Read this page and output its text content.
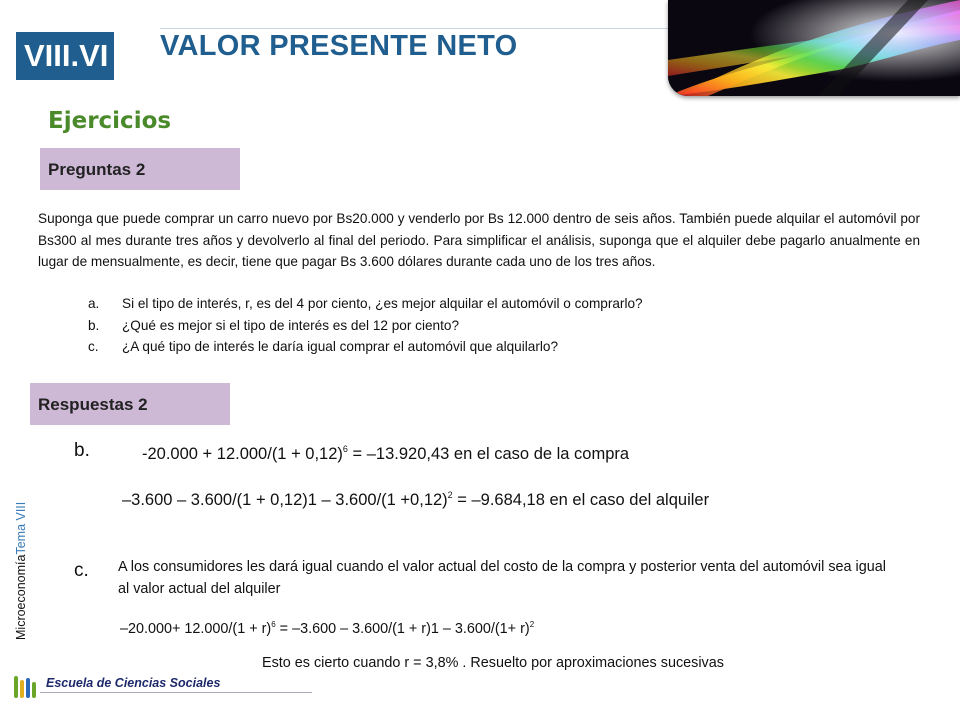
VIII.VI VALOR PRESENTE NETO
Ejercicios
Preguntas 2
Suponga que puede comprar un carro nuevo por Bs20.000 y venderlo por Bs 12.000 dentro de seis años. También puede alquilar el automóvil por Bs300 al mes durante tres años y devolverlo al final del periodo. Para simplificar el análisis, suponga que el alquiler debe pagarlo anualmente en lugar de mensualmente, es decir, tiene que pagar Bs 3.600 dólares durante cada uno de los tres años.
a.	Si el tipo de interés, r, es del 4 por ciento, ¿es mejor alquilar el automóvil o comprarlo?
b.	¿Qué es mejor si el tipo de interés es del 12 por ciento?
c.	¿A qué tipo de interés le daría igual comprar el automóvil que alquilarlo?
Respuestas 2
b.	$-20.000 + 12.000/(1 + 0,12)^6 = -13.920,43$ en el caso de la compra
$-3.600 - 3.600/(1 + 0,12)1 - 3.600/(1 +0,12)^2 = -9.684,18$ en el caso del alquiler
c. A los consumidores les dará igual cuando el valor actual del costo de la compra y posterior venta del automóvil sea igual al valor actual del alquiler
$-20.000+ 12.000/(1 + r)^6 = -3.600 - 3.600/(1 + r)1 - 3.600/(1+ r)^2$
Esto es cierto cuando r = 3,8% . Resuelto por aproximaciones sucesivas
MicroeconomíaTema VIII
Escuela de Ciencias Sociales
